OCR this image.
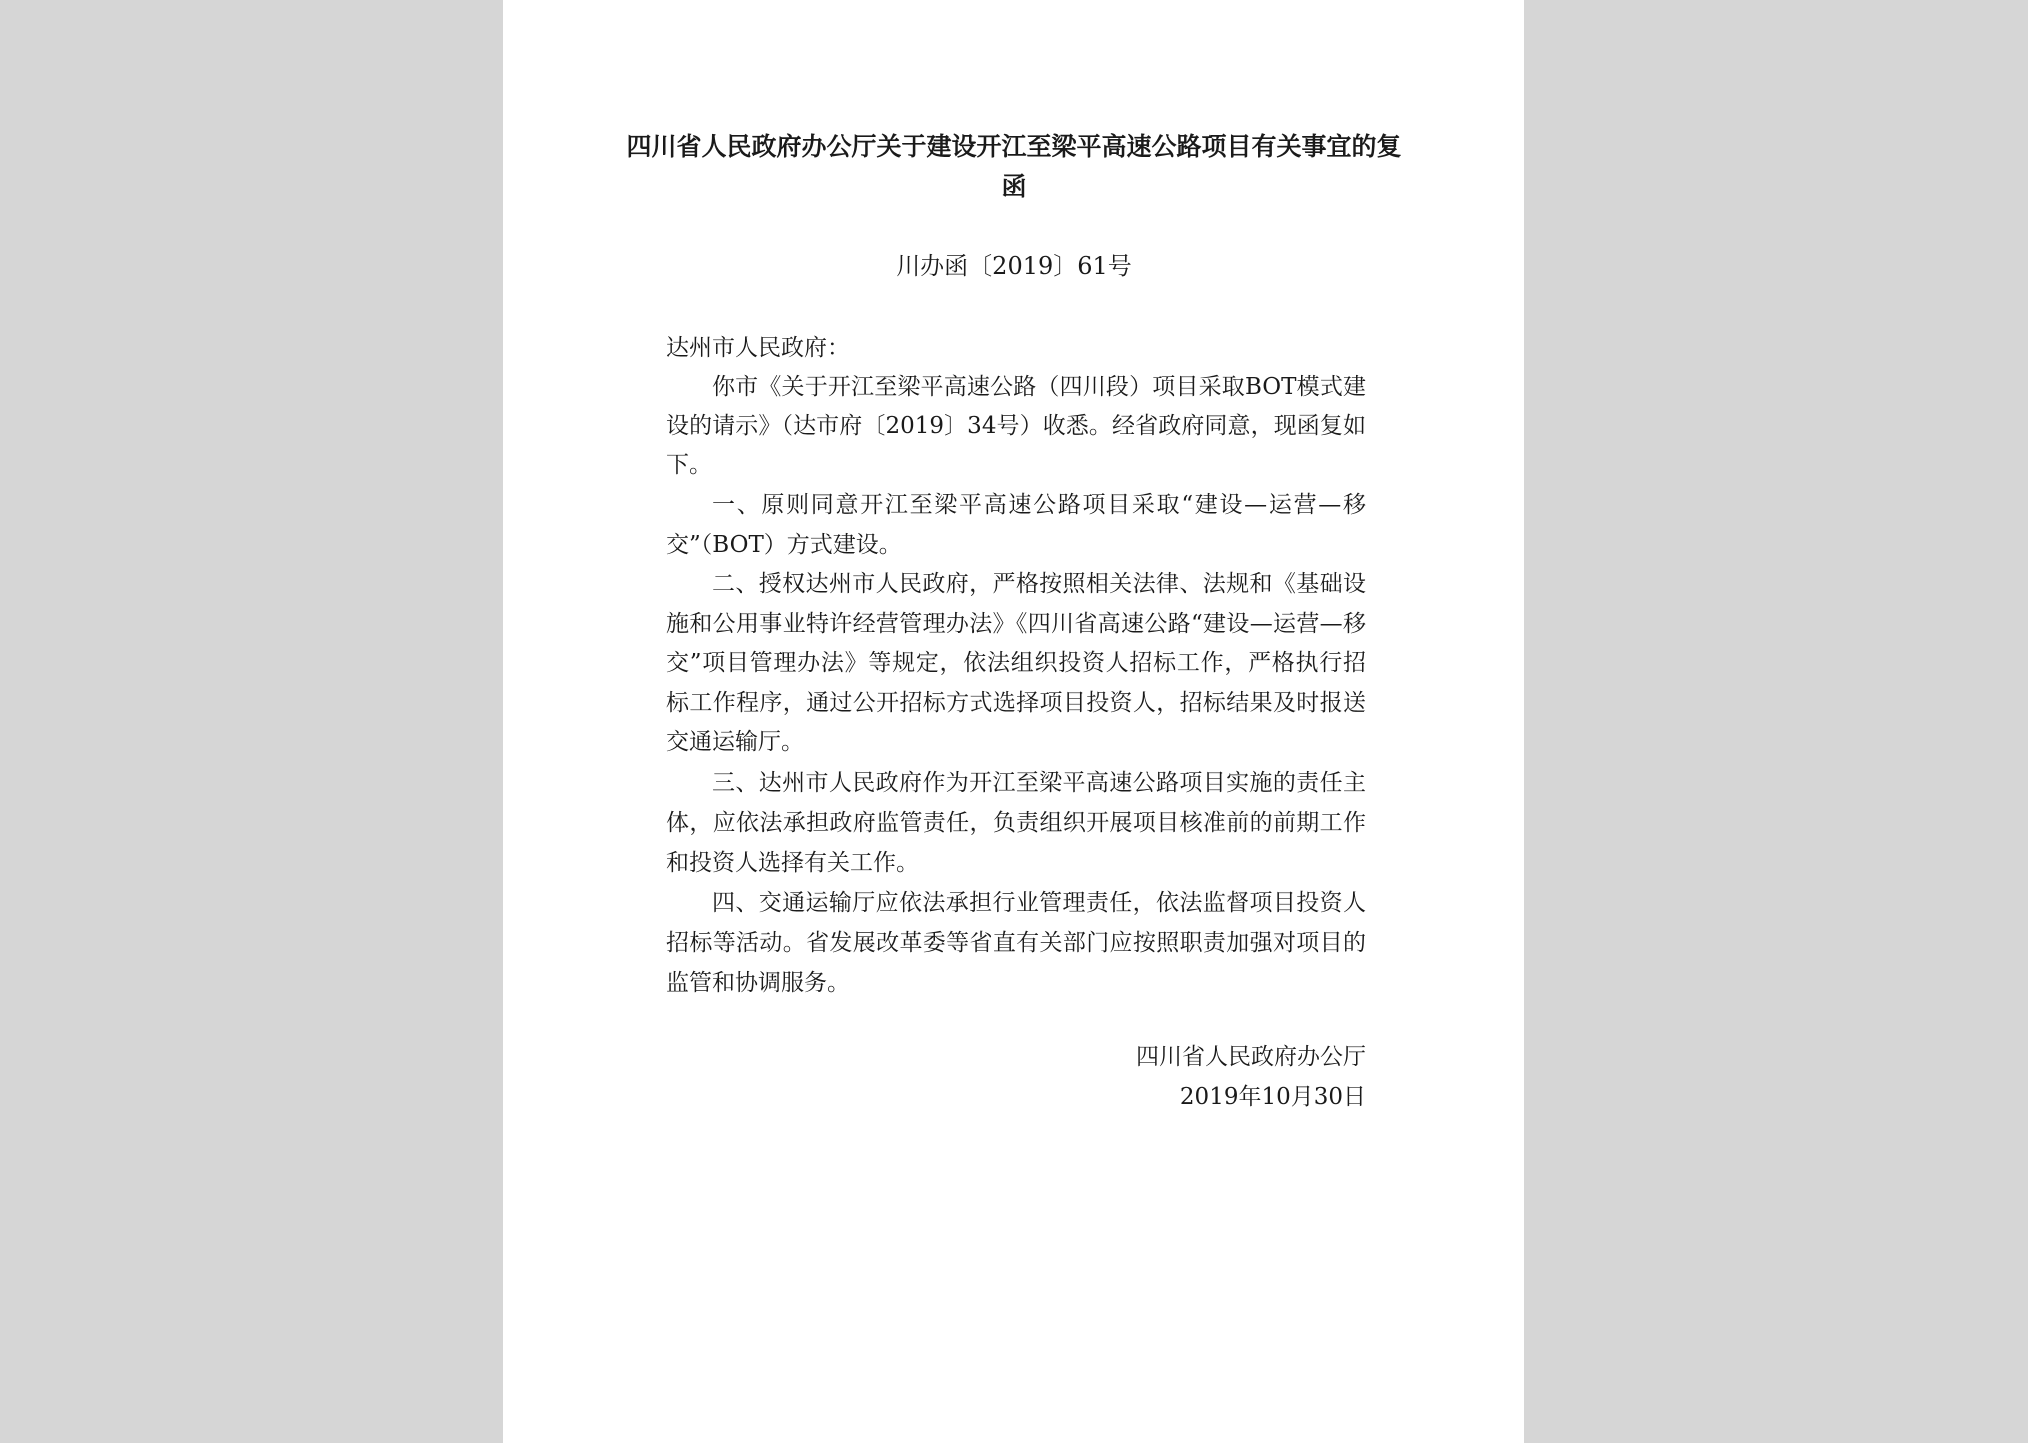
四川省人民政府办公厅关于建设开江至梁平高速公路项目有关事宜的复函
川办函〔2019〕61号

达州市人民政府：

你市《关于开江至梁平高速公路（四川段）项目采取BOT模式建设的请示》（达市府〔2019〕34号）收悉。经省政府同意，现函复如下。

一、原则同意开江至梁平高速公路项目采取“建设—运营—移交”（BOT）方式建设。

二、授权达州市人民政府，严格按照相关法律、法规和《基础设施和公用事业特许经营管理办法》《四川省高速公路“建设—运营—移交”项目管理办法》等规定，依法组织投资人招标工作，严格执行招标工作程序，通过公开招标方式选择项目投资人，招标结果及时报送交通运输厅。

三、达州市人民政府作为开江至梁平高速公路项目实施的责任主体，应依法承担政府监管责任，负责组织开展项目核准前的前期工作和投资人选择有关工作。

四、交通运输厅应依法承担行业管理责任，依法监督项目投资人招标等活动。省发展改革委等省直有关部门应按照职责加强对项目的监管和协调服务。

四川省人民政府办公厅
2019年10月30日
